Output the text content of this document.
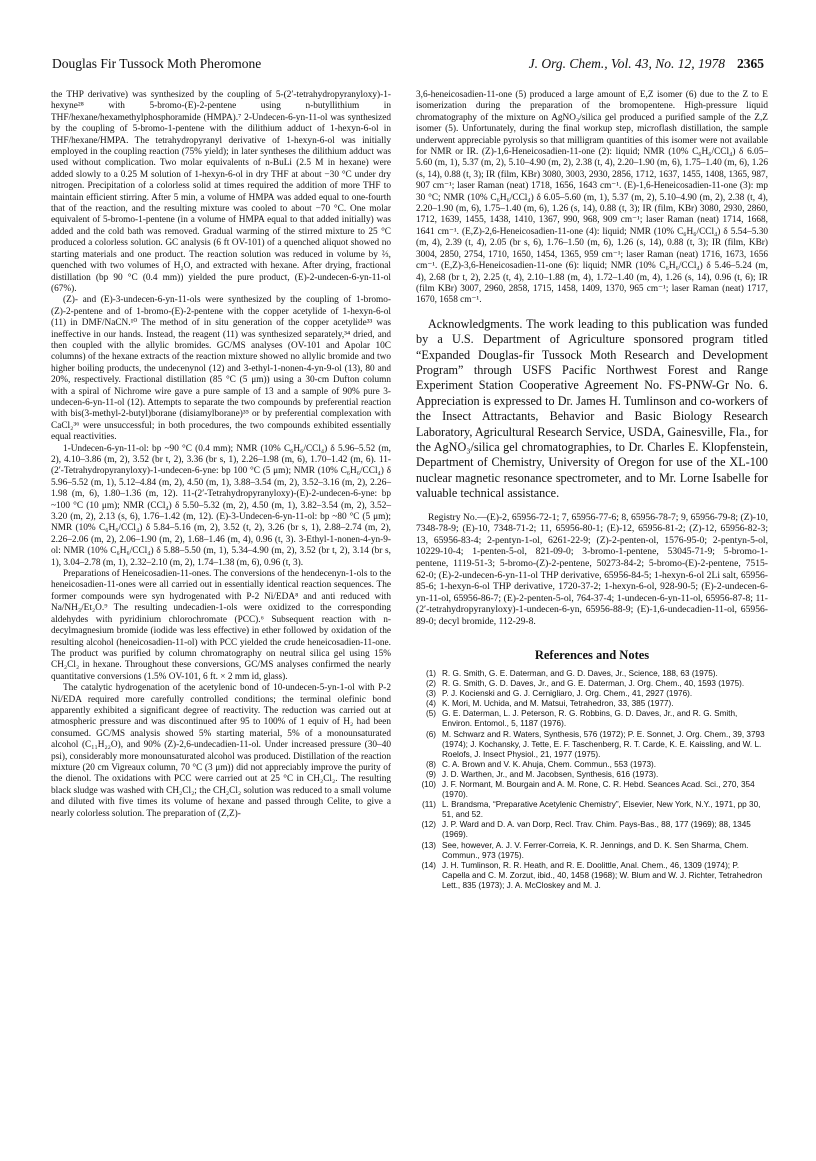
Douglas Fir Tussock Moth Pheromone	J. Org. Chem., Vol. 43, No. 12, 1978 2365

the THP derivative) was synthesized by the coupling of 5-(2′-tetrahydropyranyloxy)-1-hexyne²⁸ with 5-bromo-(E)-2-pentene using n-butyllithium in THF/hexane/hexamethylphosphoramide (HMPA).⁷ 2-Undecen-6-yn-11-ol was synthesized by the coupling of 5-bromo-1-pentene with the dilithium adduct of 1-hexyn-6-ol in THF/hexane/HMPA. The tetrahydropyranyl derivative of 1-hexyn-6-ol was initially employed in the coupling reaction (75% yield); in later syntheses the dilithium adduct was used without complication. Two molar equivalents of n-BuLi (2.5 M in hexane) were added slowly to a 0.25 M solution of 1-hexyn-6-ol in dry THF at about −30 °C under dry nitrogen. Precipitation of a colorless solid at times required the addition of more THF to maintain efficient stirring. After 5 min, a volume of HMPA was added equal to one-fourth that of the reaction, and the resulting mixture was cooled to about −70 °C. One molar equivalent of 5-bromo-1-pentene (in a volume of HMPA equal to that added initially) was added and the cold bath was removed. Gradual warming of the stirred mixture to 25 °C produced a colorless solution. GC analysis (6 ft OV-101) of a quenched aliquot showed no starting materials and one product. The reaction solution was reduced in volume by ⅔, quenched with two volumes of H₂O, and extracted with hexane. After drying, fractional distillation (bp 90 °C (0.4 mm)) yielded the pure product, (E)-2-undecen-6-yn-11-ol (67%).

(Z)- and (E)-3-undecen-6-yn-11-ols were synthesized by the coupling of 1-bromo-(Z)-2-pentene and of 1-bromo-(E)-2-pentene with the copper acetylide of 1-hexyn-6-ol (11) in DMF/NaCN.¹⁰ The method of in situ generation of the copper acetylide³³ was ineffective in our hands. Instead, the reagent (11) was synthesized separately,³⁴ dried, and then coupled with the allylic bromides. GC/MS analyses (OV-101 and Apolar 10C columns) of the hexane extracts of the reaction mixture showed no allylic bromide and two higher boiling products, the undecenynol (12) and 3-ethyl-1-nonen-4-yn-9-ol (13), 80 and 20%, respectively. Fractional distillation (85 °C (5 μm)) using a 30-cm Dufton column with a spiral of Nichrome wire gave a pure sample of 13 and a sample of 90% pure 3-undecen-6-yn-11-ol (12). Attempts to separate the two compounds by preferential reaction with bis(3-methyl-2-butyl)borane (disiamylborane)³⁵ or by preferential complexation with CaCl₂³⁶ were unsuccessful; in both procedures, the two compounds exhibited essentially equal reactivities.

1-Undecen-6-yn-11-ol: bp ~90 °C (0.4 mm); NMR (10% C₆H₆/CCl₄) δ 5.96–5.52 (m, 2), 4.10–3.86 (m, 2), 3.52 (br t, 2), 3.36 (br s, 1), 2.26–1.98 (m, 6), 1.70–1.42 (m, 6). 11-(2′-Tetrahydropyranyloxy)-1-undecen-6-yne: bp 100 °C (5 μm); NMR (10% C₆H₆/CCl₄) δ 5.96–5.52 (m, 1), 5.12–4.84 (m, 2), 4.50 (m, 1), 3.88–3.54 (m, 2), 3.52–3.16 (m, 2), 2.26–1.98 (m, 6), 1.80–1.36 (m, 12). 11-(2′-Tetrahydropyranyloxy)-(E)-2-undecen-6-yne: bp ~100 °C (10 μm); NMR (CCl₄) δ 5.50–5.32 (m, 2), 4.50 (m, 1), 3.82–3.54 (m, 2), 3.52–3.20 (m, 2), 2.13 (s, 6), 1.76–1.42 (m, 12). (E)-3-Undecen-6-yn-11-ol: bp ~80 °C (5 μm); NMR (10% C₆H₆/CCl₄) δ 5.84–5.16 (m, 2), 3.52 (t, 2), 3.26 (br s, 1), 2.88–2.74 (m, 2), 2.26–2.06 (m, 2), 2.06–1.90 (m, 2), 1.68–1.46 (m, 4), 0.96 (t, 3). 3-Ethyl-1-nonen-4-yn-9-ol: NMR (10% C₆H₆/CCl₄) δ 5.88–5.50 (m, 1), 5.34–4.90 (m, 2), 3.52 (br t, 2), 3.14 (br s, 1), 3.04–2.78 (m, 1), 2.32–2.10 (m, 2), 1.74–1.38 (m, 6), 0.96 (t, 3).

Preparations of Heneicosadien-11-ones. The conversions of the hendecenyn-1-ols to the heneicosadien-11-ones were all carried out in essentially identical reaction sequences. The former compounds were syn hydrogenated with P-2 Ni/EDA⁸ and anti reduced with Na/NH₃/Et₂O.⁹ The resulting undecadien-1-ols were oxidized to the corresponding aldehydes with pyridinium chlorochromate (PCC).⁶ Subsequent reaction with n-decylmagnesium bromide (iodide was less effective) in ether followed by oxidation of the resulting alcohol (heneicosadien-11-ol) with PCC yielded the crude heneicosadien-11-one. The product was purified by column chromatography on neutral silica gel using 15% CH₂Cl₂ in hexane. Throughout these conversions, GC/MS analyses confirmed the nearly quantitative conversions (1.5% OV-101, 6 ft. × 2 mm id, glass).

The catalytic hydrogenation of the acetylenic bond of 10-undecen-5-yn-1-ol with P-2 Ni/EDA required more carefully controlled conditions; the terminal olefinic bond apparently exhibited a significant degree of reactivity. The reduction was carried out at atmospheric pressure and was discontinued after 95 to 100% of 1 equiv of H₂ had been consumed. GC/MS analysis showed 5% starting material, 5% of a monounsaturated alcohol (C₁₁H₂₂O), and 90% (Z)-2,6-undecadien-11-ol. Under increased pressure (30–40 psi), considerably more monounsaturated alcohol was produced. Distillation of the reaction mixture (20 cm Vigreaux column, 70 °C (3 μm)) did not appreciably improve the purity of the dienol. The oxidations with PCC were carried out at 25 °C in CH₂Cl₂. The resulting black sludge was washed with CH₂Cl₂; the CH₂Cl₂ solution was reduced to a small volume and diluted with five times its volume of hexane and passed through Celite, to give a nearly colorless solution. The preparation of (Z,Z)-

3,6-heneicosadien-11-one (5) produced a large amount of E,Z isomer (6) due to the Z to E isomerization during the preparation of the bromopentene. High-pressure liquid chromatography of the mixture on AgNO₃/silica gel produced a purified sample of the Z,Z isomer (5). Unfortunately, during the final workup step, microflash distillation, the sample underwent appreciable pyrolysis so that milligram quantities of this isomer were not available for NMR or IR. (Z)-1,6-Heneicosadien-11-one (2): liquid; NMR (10% C₆H₆/CCl₄) δ 6.05–5.60 (m, 1), 5.37 (m, 2), 5.10–4.90 (m, 2), 2.38 (t, 4), 2.20–1.90 (m, 6), 1.75–1.40 (m, 6), 1.26 (s, 14), 0.88 (t, 3); IR (film, KBr) 3080, 3003, 2930, 2856, 1712, 1637, 1455, 1408, 1365, 987, 907 cm⁻¹; laser Raman (neat) 1718, 1656, 1643 cm⁻¹. (E)-1,6-Heneicosadien-11-one (3): mp 30 °C; NMR (10% C₆H₆/CCl₄) δ 6.05–5.60 (m, 1), 5.37 (m, 2), 5.10–4.90 (m, 2), 2.38 (t, 4), 2.20–1.90 (m, 6), 1.75–1.40 (m, 6), 1.26 (s, 14), 0.88 (t, 3); IR (film, KBr) 3080, 2930, 2860, 1712, 1639, 1455, 1438, 1410, 1367, 990, 968, 909 cm⁻¹; laser Raman (neat) 1714, 1668, 1641 cm⁻¹. (E,Z)-2,6-Heneicosadien-11-one (4): liquid; NMR (10% C₆H₆/CCl₄) δ 5.54–5.30 (m, 4), 2.39 (t, 4), 2.05 (br s, 6), 1.76–1.50 (m, 6), 1.26 (s, 14), 0.88 (t, 3); IR (film, KBr) 3004, 2850, 2754, 1710, 1650, 1454, 1365, 959 cm⁻¹; laser Raman (neat) 1716, 1673, 1656 cm⁻¹. (E,Z)-3,6-Heneicosadien-11-one (6): liquid; NMR (10% C₆H₆/CCl₄) δ 5.46–5.24 (m, 4), 2.68 (br t, 2), 2.25 (t, 4), 2.10–1.88 (m, 4), 1.72–1.40 (m, 4), 1.26 (s, 14), 0.96 (t, 6); IR (film KBr) 3007, 2960, 2858, 1715, 1458, 1409, 1370, 965 cm⁻¹; laser Raman (neat) 1717, 1670, 1658 cm⁻¹.

Acknowledgments. The work leading to this publication was funded by a U.S. Department of Agriculture sponsored program titled “Expanded Douglas-fir Tussock Moth Research and Development Program” through USFS Pacific Northwest Forest and Range Experiment Station Cooperative Agreement No. FS-PNW-Gr No. 6. Appreciation is expressed to Dr. James H. Tumlinson and co-workers of the Insect Attractants, Behavior and Basic Biology Research Laboratory, Agricultural Research Service, USDA, Gainesville, Fla., for the AgNO₃/silica gel chromatographies, to Dr. Charles E. Klopfenstein, Department of Chemistry, University of Oregon for use of the XL-100 nuclear magnetic resonance spectrometer, and to Mr. Lorne Isabelle for valuable technical assistance.

Registry No.—(E)-2, 65956-72-1; 7, 65956-77-6; 8, 65956-78-7; 9, 65956-79-8; (Z)-10, 7348-78-9; (E)-10, 7348-71-2; 11, 65956-80-1; (E)-12, 65956-81-2; (Z)-12, 65956-82-3; 13, 65956-83-4; 2-pentyn-1-ol, 6261-22-9; (Z)-2-penten-ol, 1576-95-0; 2-pentyn-5-ol, 10229-10-4; 1-penten-5-ol, 821-09-0; 3-bromo-1-pentene, 53045-71-9; 5-bromo-1-pentene, 1119-51-3; 5-bromo-(Z)-2-pentene, 50273-84-2; 5-bromo-(E)-2-pentene, 7515-62-0; (E)-2-undecen-6-yn-11-ol THP derivative, 65956-84-5; 1-hexyn-6-ol 2Li salt, 65956-85-6; 1-hexyn-6-ol THP derivative, 1720-37-2; 1-hexyn-6-ol, 928-90-5; (E)-2-undecen-6-yn-11-ol, 65956-86-7; (E)-2-penten-5-ol, 764-37-4; 1-undecen-6-yn-11-ol, 65956-87-8; 11-(2′-tetrahydropyranyloxy)-1-undecen-6-yn, 65956-88-9; (E)-1,6-undecadien-11-ol, 65956-89-0; decyl bromide, 112-29-8.

References and Notes
(1) R. G. Smith, G. E. Daterman, and G. D. Daves, Jr., Science, 188, 63 (1975).
(2) R. G. Smith, G. D. Daves, Jr., and G. E. Daterman, J. Org. Chem., 40, 1593 (1975).
(3) P. J. Kocienski and G. J. Cernigliaro, J. Org. Chem., 41, 2927 (1976).
(4) K. Mori, M. Uchida, and M. Matsui, Tetrahedron, 33, 385 (1977).
(5) G. E. Daterman, L. J. Peterson, R. G. Robbins, G. D. Daves, Jr., and R. G. Smith, Environ. Entomol., 5, 1187 (1976).
(6) M. Schwarz and R. Waters, Synthesis, 576 (1972); P. E. Sonnet, J. Org. Chem., 39, 3793 (1974); J. Kochansky, J. Tette, E. F. Taschenberg, R. T. Carde, K. E. Kaissling, and W. L. Roelofs, J. Insect Physiol., 21, 1977 (1975).
(8) C. A. Brown and V. K. Ahuja, Chem. Commun., 553 (1973).
(9) J. D. Warthen, Jr., and M. Jacobsen, Synthesis, 616 (1973).
(10) J. F. Normant, M. Bourgain and A. M. Rone, C. R. Hebd. Seances Acad. Sci., 270, 354 (1970).
(11) L. Brandsma, “Preparative Acetylenic Chemistry”, Elsevier, New York, N.Y., 1971, pp 30, 51, and 52.
(12) J. P. Ward and D. A. van Dorp, Recl. Trav. Chim. Pays-Bas., 88, 177 (1969); 88, 1345 (1969).
(13) See, however, A. J. V. Ferrer-Correia, K. R. Jennings, and D. K. Sen Sharma, Chem. Commun., 973 (1975).
(14) J. H. Tumlinson, R. R. Heath, and R. E. Doolittle, Anal. Chem., 46, 1309 (1974); P. Capella and C. M. Zorzut, ibid., 40, 1458 (1968); W. Blum and W. J. Richter, Tetrahedron Lett., 835 (1973); J. A. McCloskey and M. J.
